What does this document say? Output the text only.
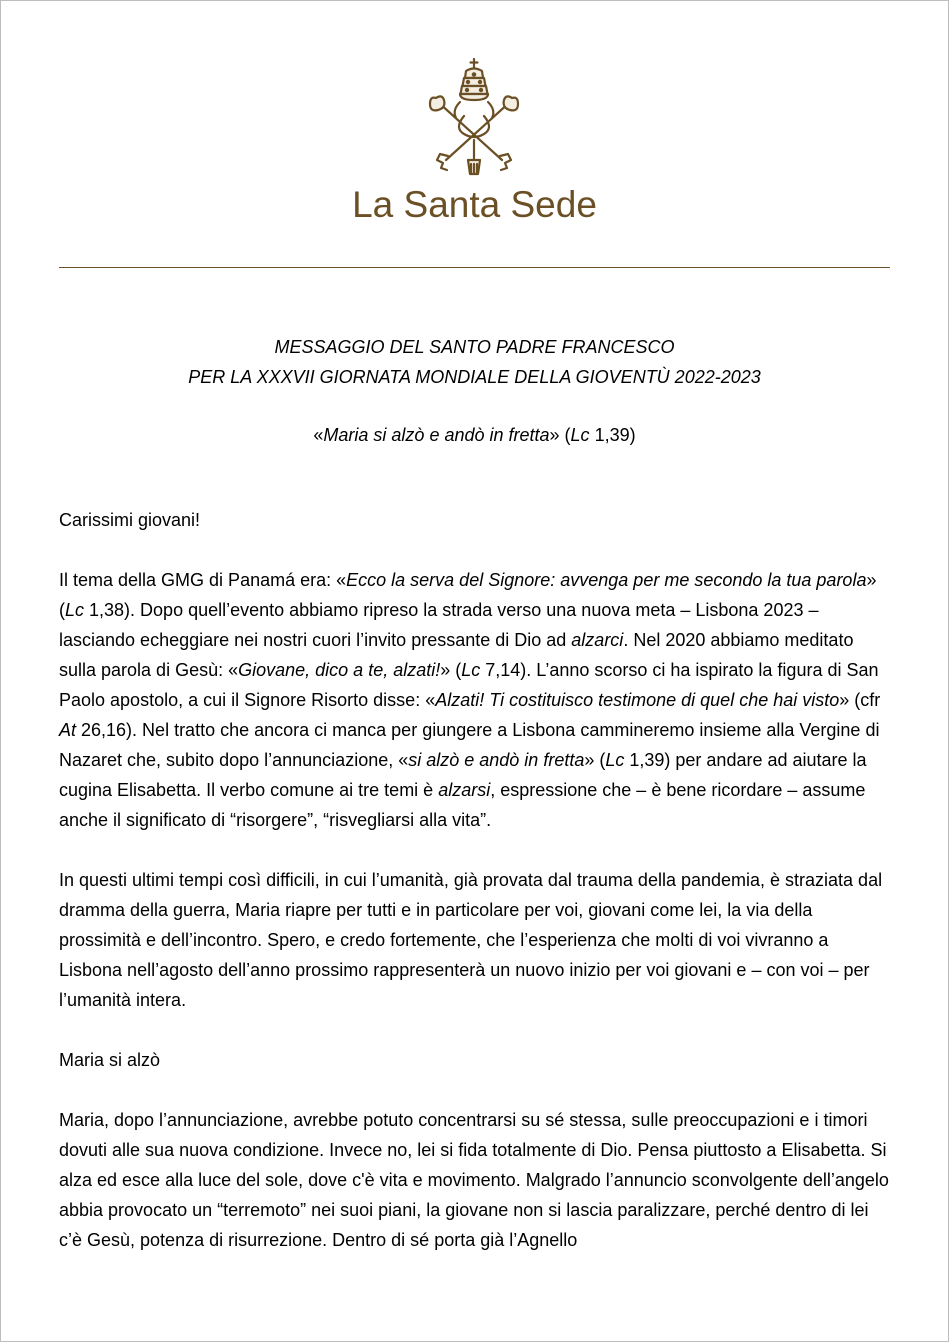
La Santa Sede
MESSAGGIO DEL SANTO PADRE FRANCESCO
PER LA XXXVII GIORNATA MONDIALE DELLA GIOVENTÙ 2022-2023
«Maria si alzò e andò in fretta» (Lc 1,39)

Carissimi giovani!

Il tema della GMG di Panamá era: «Ecco la serva del Signore: avvenga per me secondo la tua parola» (Lc 1,38). Dopo quell’evento abbiamo ripreso la strada verso una nuova meta – Lisbona 2023 – lasciando echeggiare nei nostri cuori l’invito pressante di Dio ad alzarci. Nel 2020 abbiamo meditato sulla parola di Gesù: «Giovane, dico a te, alzati!» (Lc 7,14). L’anno scorso ci ha ispirato la figura di San Paolo apostolo, a cui il Signore Risorto disse: «Alzati! Ti costituisco testimone di quel che hai visto» (cfr At 26,16). Nel tratto che ancora ci manca per giungere a Lisbona cammineremo insieme alla Vergine di Nazaret che, subito dopo l’annunciazione, «si alzò e andò in fretta» (Lc 1,39) per andare ad aiutare la cugina Elisabetta. Il verbo comune ai tre temi è alzarsi, espressione che – è bene ricordare – assume anche il significato di “risorgere”, “risvegliarsi alla vita”.

In questi ultimi tempi così difficili, in cui l’umanità, già provata dal trauma della pandemia, è straziata dal dramma della guerra, Maria riapre per tutti e in particolare per voi, giovani come lei, la via della prossimità e dell’incontro. Spero, e credo fortemente, che l’esperienza che molti di voi vivranno a Lisbona nell’agosto dell’anno prossimo rappresenterà un nuovo inizio per voi giovani e – con voi – per l’umanità intera.

Maria si alzò

Maria, dopo l’annunciazione, avrebbe potuto concentrarsi su sé stessa, sulle preoccupazioni e i timori dovuti alle sua nuova condizione. Invece no, lei si fida totalmente di Dio. Pensa piuttosto a Elisabetta. Si alza ed esce alla luce del sole, dove c'è vita e movimento. Malgrado l’annuncio sconvolgente dell’angelo abbia provocato un “terremoto” nei suoi piani, la giovane non si lascia paralizzare, perché dentro di lei c’è Gesù, potenza di risurrezione. Dentro di sé porta già l’Agnello
